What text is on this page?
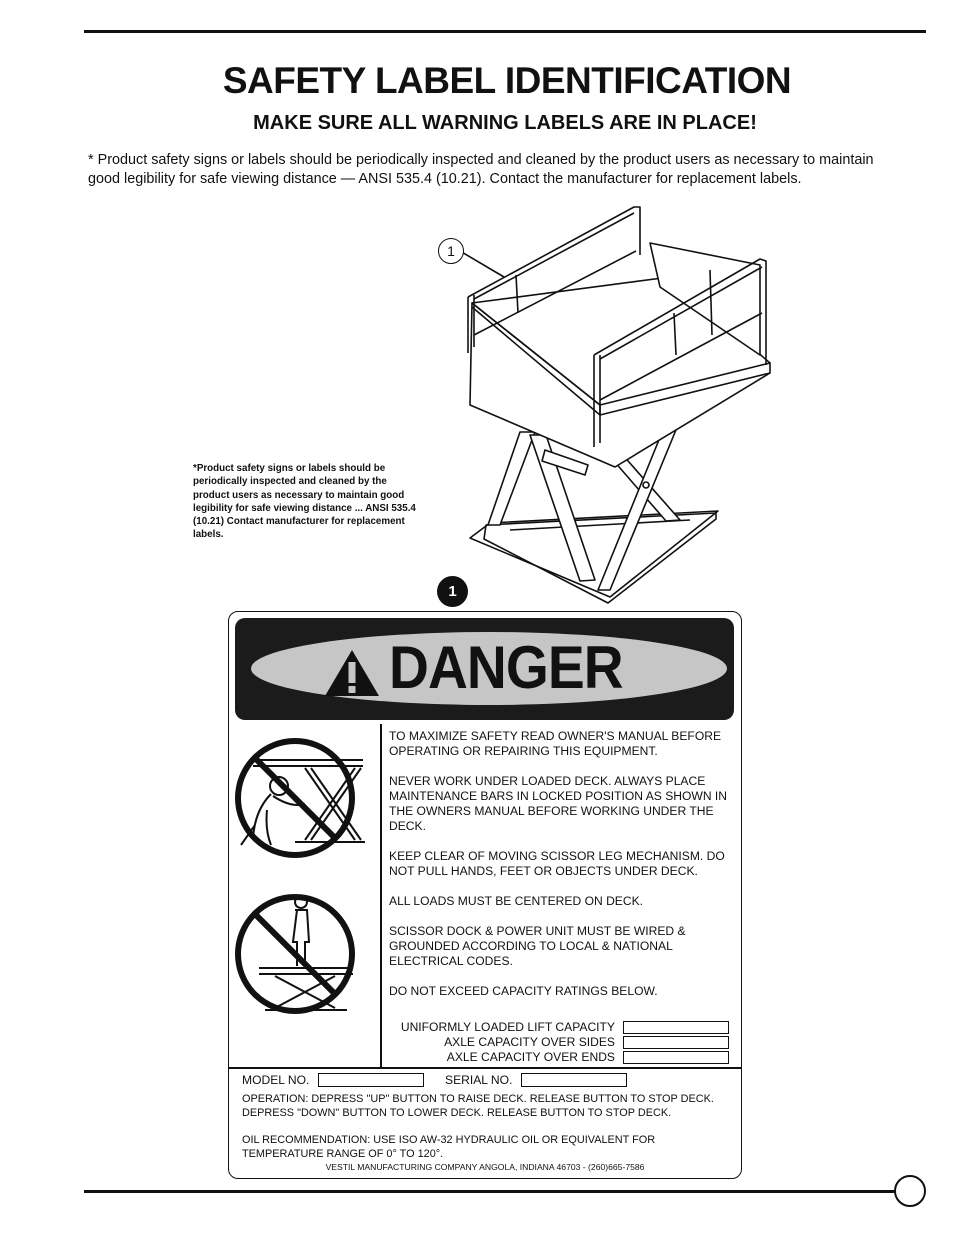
SAFETY LABEL IDENTIFICATION
MAKE SURE ALL WARNING LABELS ARE IN PLACE!
* Product safety signs or labels should be periodically inspected and cleaned by the product users as necessary to maintain good legibility for safe viewing distance — ANSI 535.4 (10.21). Contact the manufacturer for replacement labels.
1
*Product safety signs or labels should be periodically inspected and cleaned by the product users as necessary to maintain good legibility for safe viewing distance ... ANSI 535.4 (10.21) Contact manufacturer for replacement labels.
1
DANGER

TO MAXIMIZE SAFETY READ OWNER'S MANUAL BEFORE OPERATING OR REPAIRING THIS EQUIPMENT.

NEVER WORK UNDER LOADED DECK. ALWAYS PLACE MAINTENANCE BARS IN LOCKED POSITION AS SHOWN IN THE OWNERS MANUAL BEFORE WORKING UNDER THE DECK.

KEEP CLEAR OF MOVING SCISSOR LEG MECHANISM. DO NOT PULL HANDS, FEET OR OBJECTS UNDER DECK.

ALL LOADS MUST BE CENTERED ON DECK.

SCISSOR DOCK & POWER UNIT MUST BE WIRED & GROUNDED ACCORDING TO LOCAL & NATIONAL ELECTRICAL CODES.

DO NOT EXCEED CAPACITY RATINGS BELOW.

UNIFORMLY LOADED LIFT CAPACITY
AXLE CAPACITY OVER SIDES
AXLE CAPACITY OVER ENDS
MODEL NO.	SERIAL NO.

OPERATION: DEPRESS "UP" BUTTON TO RAISE DECK. RELEASE BUTTON TO STOP DECK. DEPRESS "DOWN" BUTTON TO LOWER DECK. RELEASE BUTTON TO STOP DECK.

OIL RECOMMENDATION: USE ISO AW-32 HYDRAULIC OIL OR EQUIVALENT FOR TEMPERATURE RANGE OF 0° TO 120°.

VESTIL MANUFACTURING COMPANY ANGOLA, INDIANA 46703 - (260)665-7586
